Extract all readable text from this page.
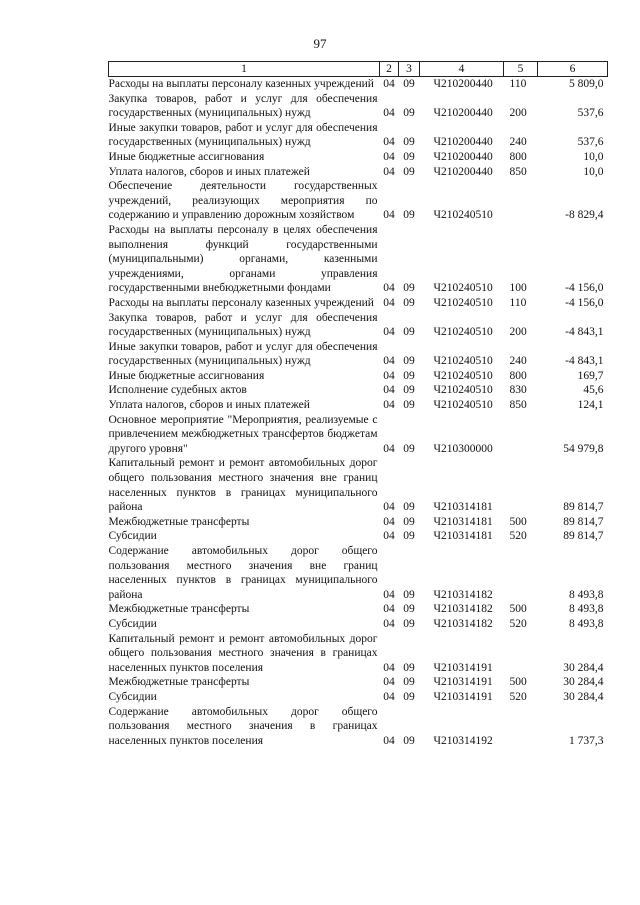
97
1	2	3	4	5	6
Расходы на выплаты персоналу казенных учреждений	04	09	Ч210200440	110	5 809,0
Закупка товаров, работ и услуг для обеспечения государственных (муниципальных) нужд	04	09	Ч210200440	200	537,6
Иные закупки товаров, работ и услуг для обеспечения государственных (муниципальных) нужд	04	09	Ч210200440	240	537,6
Иные бюджетные ассигнования	04	09	Ч210200440	800	10,0
Уплата налогов, сборов и иных платежей	04	09	Ч210200440	850	10,0
Обеспечение деятельности государственных учреждений, реализующих мероприятия по содержанию и управлению дорожным хозяйством	04	09	Ч210240510		-8 829,4
Расходы на выплаты персоналу в целях обеспечения выполнения функций государственными (муниципальными) органами, казенными учреждениями, органами управления государственными внебюджетными фондами	04	09	Ч210240510	100	-4 156,0
Расходы на выплаты персоналу казенных учреждений	04	09	Ч210240510	110	-4 156,0
Закупка товаров, работ и услуг для обеспечения государственных (муниципальных) нужд	04	09	Ч210240510	200	-4 843,1
Иные закупки товаров, работ и услуг для обеспечения государственных (муниципальных) нужд	04	09	Ч210240510	240	-4 843,1
Иные бюджетные ассигнования	04	09	Ч210240510	800	169,7
Исполнение судебных актов	04	09	Ч210240510	830	45,6
Уплата налогов, сборов и иных платежей	04	09	Ч210240510	850	124,1
Основное мероприятие "Мероприятия, реализуемые с привлечением межбюджетных трансфертов бюджетам другого уровня"	04	09	Ч210300000		54 979,8
Капитальный ремонт и ремонт автомобильных дорог общего пользования местного значения вне границ населенных пунктов в границах муниципального района	04	09	Ч210314181		89 814,7
Межбюджетные трансферты	04	09	Ч210314181	500	89 814,7
Субсидии	04	09	Ч210314181	520	89 814,7
Содержание автомобильных дорог общего пользования местного значения вне границ населенных пунктов в границах муниципального района	04	09	Ч210314182		8 493,8
Межбюджетные трансферты	04	09	Ч210314182	500	8 493,8
Субсидии	04	09	Ч210314182	520	8 493,8
Капитальный ремонт и ремонт автомобильных дорог общего пользования местного значения в границах населенных пунктов поселения	04	09	Ч210314191		30 284,4
Межбюджетные трансферты	04	09	Ч210314191	500	30 284,4
Субсидии	04	09	Ч210314191	520	30 284,4
Содержание автомобильных дорог общего пользования местного значения в границах населенных пунктов поселения	04	09	Ч210314192		1 737,3
